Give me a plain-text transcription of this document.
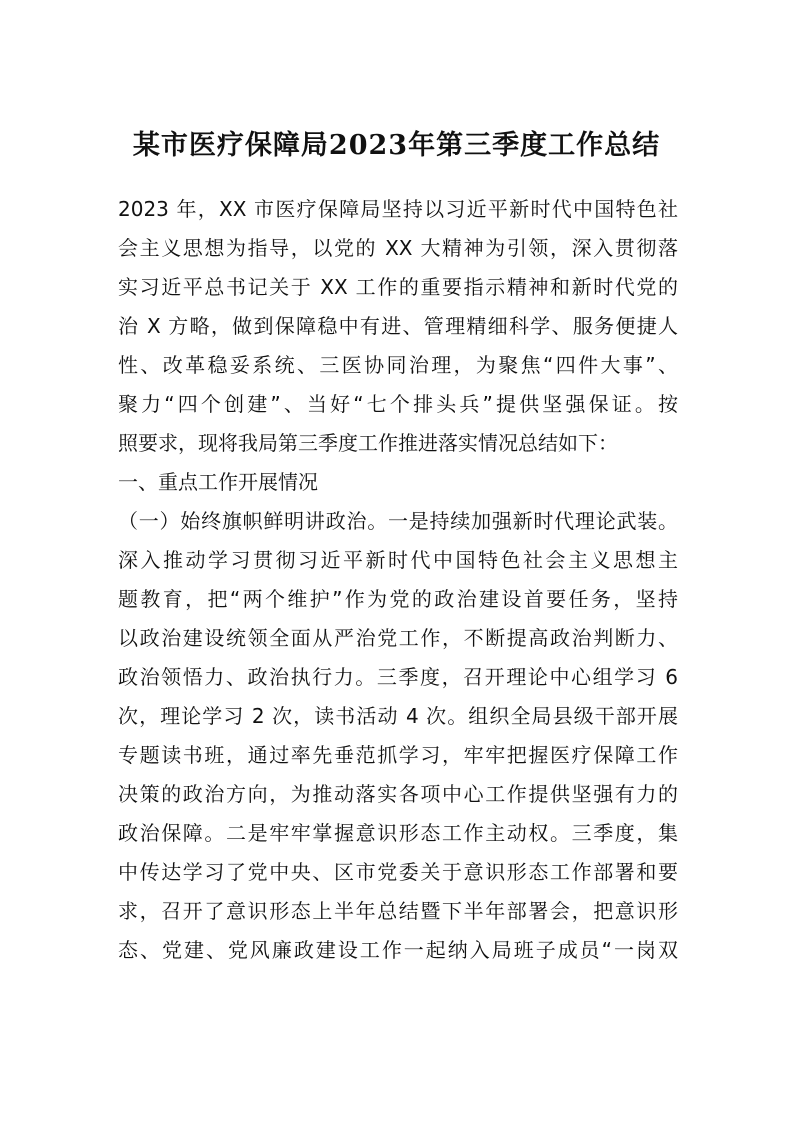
某市医疗保障局2023年第三季度工作总结
2023 年，XX 市医疗保障局坚持以习近平新时代中国特色社
会主义思想为指导，以党的 XX 大精神为引领，深入贯彻落
实习近平总书记关于 XX 工作的重要指示精神和新时代党的
治 X 方略，做到保障稳中有进、管理精细科学、服务便捷人
性、改革稳妥系统、三医协同治理，为聚焦“四件大事”、
聚力“四个创建”、当好“七个排头兵”提供坚强保证。按
照要求，现将我局第三季度工作推进落实情况总结如下：
一、重点工作开展情况
（一）始终旗帜鲜明讲政治。一是持续加强新时代理论武装。
深入推动学习贯彻习近平新时代中国特色社会主义思想主
题教育，把“两个维护”作为党的政治建设首要任务，坚持
以政治建设统领全面从严治党工作，不断提高政治判断力、
政治领悟力、政治执行力。三季度，召开理论中心组学习 6
次，理论学习 2 次，读书活动 4 次。组织全局县级干部开展
专题读书班，通过率先垂范抓学习，牢牢把握医疗保障工作
决策的政治方向，为推动落实各项中心工作提供坚强有力的
政治保障。二是牢牢掌握意识形态工作主动权。三季度，集
中传达学习了党中央、区市党委关于意识形态工作部署和要
求，召开了意识形态上半年总结暨下半年部署会，把意识形
态、党建、党风廉政建设工作一起纳入局班子成员“一岗双
